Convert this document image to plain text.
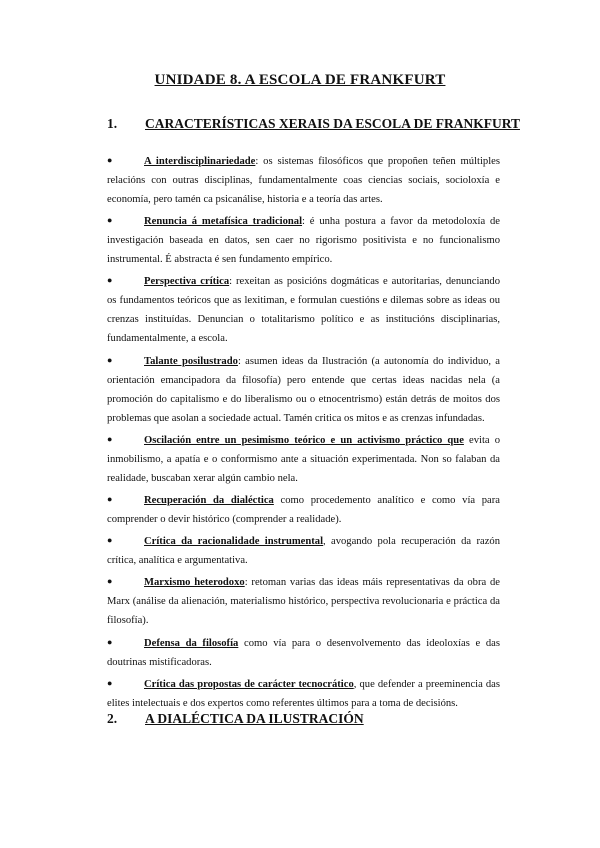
UNIDADE 8. A ESCOLA DE FRANKFURT
1. CARACTERÍSTICAS XERAIS DA ESCOLA DE FRANKFURT
●	A interdisciplinariedade: os sistemas filosóficos que propoñen teñen múltiples relacións con outras disciplinas, fundamentalmente coas ciencias sociais, socioloxía e economía, pero tamén ca psicanálise, historia e a teoría das artes.
●	Renuncia á metafísica tradicional: é unha postura a favor da metodoloxía de investigación baseada en datos, sen caer no rigorismo positivista e no funcionalismo instrumental. É abstracta é sen fundamento empírico.
●	Perspectiva crítica: rexeitan as posicións dogmáticas e autoritarias, denunciando os fundamentos teóricos que as lexitiman, e formulan cuestións e dilemas sobre as ideas ou crenzas instituídas. Denuncian o totalitarismo político e as institucións disciplinarias, fundamentalmente, a escola.
●	Talante posilustrado: asumen ideas da Ilustración (a autonomía do individuo, a orientación emancipadora da filosofía) pero entende que certas ideas nacidas nela (a promoción do capitalismo e do liberalismo ou o etnocentrismo) están detrás de moitos dos problemas que asolan a sociedade actual. Tamén critica os mitos e as crenzas infundadas.
●	Oscilación entre un pesimismo teórico e un activismo práctico que evita o inmobilismo, a apatía e o conformismo ante a situación experimentada. Non so falaban da realidade, buscaban xerar algún cambio nela.
●	Recuperación da dialéctica como procedemento analítico e como vía para comprender o devir histórico (comprender a realidade).
●	Crítica da racionalidade instrumental, avogando pola recuperación da razón crítica, analítica e argumentativa.
●	Marxismo heterodoxo: retoman varias das ideas máis representativas da obra de Marx (análise da alienación, materialismo histórico, perspectiva revolucionaria e práctica da filosofía).
●	Defensa da filosofía como vía para o desenvolvemento das ideoloxías e das doutrinas mistificadoras.
●	Crítica das propostas de carácter tecnocrático, que defender a preeminencia das elites intelectuais e dos expertos como referentes últimos para a toma de decisións.
2. A DIALÉCTICA DA ILUSTRACIÓN
